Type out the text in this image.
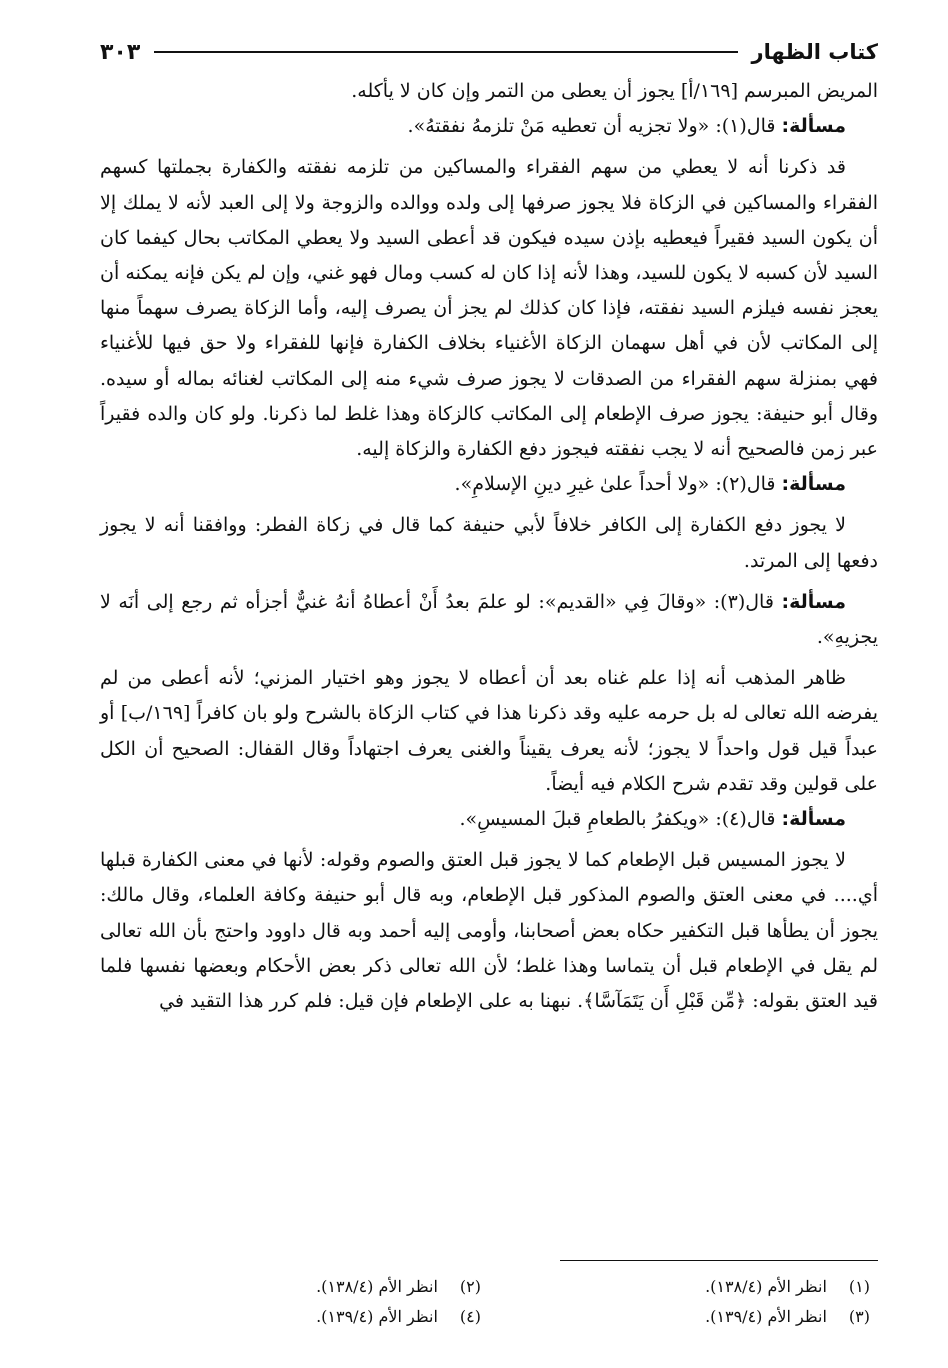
كتاب الظهار
٣٠٣

المريض المبرسم [١٦٩/أ] يجوز أن يعطى من التمر وإن كان لا يأكله.

مسألة: قال(١): «ولا تجزيه أن تعطيه مَنْ تلزمهُ نفقتهُ».

قد ذكرنا أنه لا يعطي من سهم الفقراء والمساكين من تلزمه نفقته والكفارة بجملتها كسهم الفقراء والمساكين في الزكاة فلا يجوز صرفها إلى ولده ووالده والزوجة ولا إلى العبد لأنه لا يملك إلا أن يكون السيد فقيراً فيعطيه بإذن سيده فيكون قد أعطى السيد ولا يعطي المكاتب بحال كيفما كان السيد لأن كسبه لا يكون للسيد، وهذا لأنه إذا كان له كسب ومال فهو غني، وإن لم يكن فإنه يمكنه أن يعجز نفسه فيلزم السيد نفقته، فإذا كان كذلك لم يجز أن يصرف إليه، وأما الزكاة يصرف سهماً منها إلى المكاتب لأن في أهل سهمان الزكاة الأغنياء بخلاف الكفارة فإنها للفقراء ولا حق فيها للأغنياء فهي بمنزلة سهم الفقراء من الصدقات لا يجوز صرف شيء منه إلى المكاتب لغنائه بماله أو سيده. وقال أبو حنيفة: يجوز صرف الإطعام إلى المكاتب كالزكاة وهذا غلط لما ذكرنا. ولو كان والده فقيراً عبر زمن فالصحيح أنه لا يجب نفقته فيجوز دفع الكفارة والزكاة إليه.

مسألة: قال(٢): «ولا أحداً علىٰ غيرِ دينِ الإسلامِ».

لا يجوز دفع الكفارة إلى الكافر خلافاً لأبي حنيفة كما قال في زكاة الفطر: ووافقنا أنه لا يجوز دفعها إلى المرتد.

مسألة: قال(٣): «وقالَ فِي «القديم»: لو علمَ بعدُ أَنْ أعطاهُ أنهُ غنيٌّ أجزأه ثم رجع إلى أنَه لا يجزيهِ».

ظاهر المذهب أنه إذا علم غناه بعد أن أعطاه لا يجوز وهو اختيار المزني؛ لأنه أعطى من لم يفرضه الله تعالى له بل حرمه عليه وقد ذكرنا هذا في كتاب الزكاة بالشرح ولو بان كافراً [١٦٩/ب] أو عبداً قيل قول واحداً لا يجوز؛ لأنه يعرف يقيناً والغنى يعرف اجتهاداً وقال القفال: الصحيح أن الكل على قولين وقد تقدم شرح الكلام فيه أيضاً.

مسألة: قال(٤): «ويكفرُ بالطعامِ قبلَ المسيسِ».

لا يجوز المسيس قبل الإطعام كما لا يجوز قبل العتق والصوم وقوله: لأنها في معنى الكفارة قبلها أي.... في معنى العتق والصوم المذكور قبل الإطعام، وبه قال أبو حنيفة وكافة العلماء، وقال مالك: يجوز أن يطأها قبل التكفير حكاه بعض أصحابنا، وأومى إليه أحمد وبه قال داوود واحتج بأن الله تعالى لم يقل في الإطعام قبل أن يتماسا وهذا غلط؛ لأن الله تعالى ذكر بعض الأحكام وبعضها نفسها فلما قيد العتق بقوله: ﴿مِّن قَبْلِ أَن يَتَمَآسَّا﴾. نبهنا به على الإطعام فإن قيل: فلم كرر هذا التقيد في

(١) انظر الأم (١٣٨/٤).
(٢) انظر الأم (١٣٨/٤).
(٣) انظر الأم (١٣٩/٤).
(٤) انظر الأم (١٣٩/٤).
